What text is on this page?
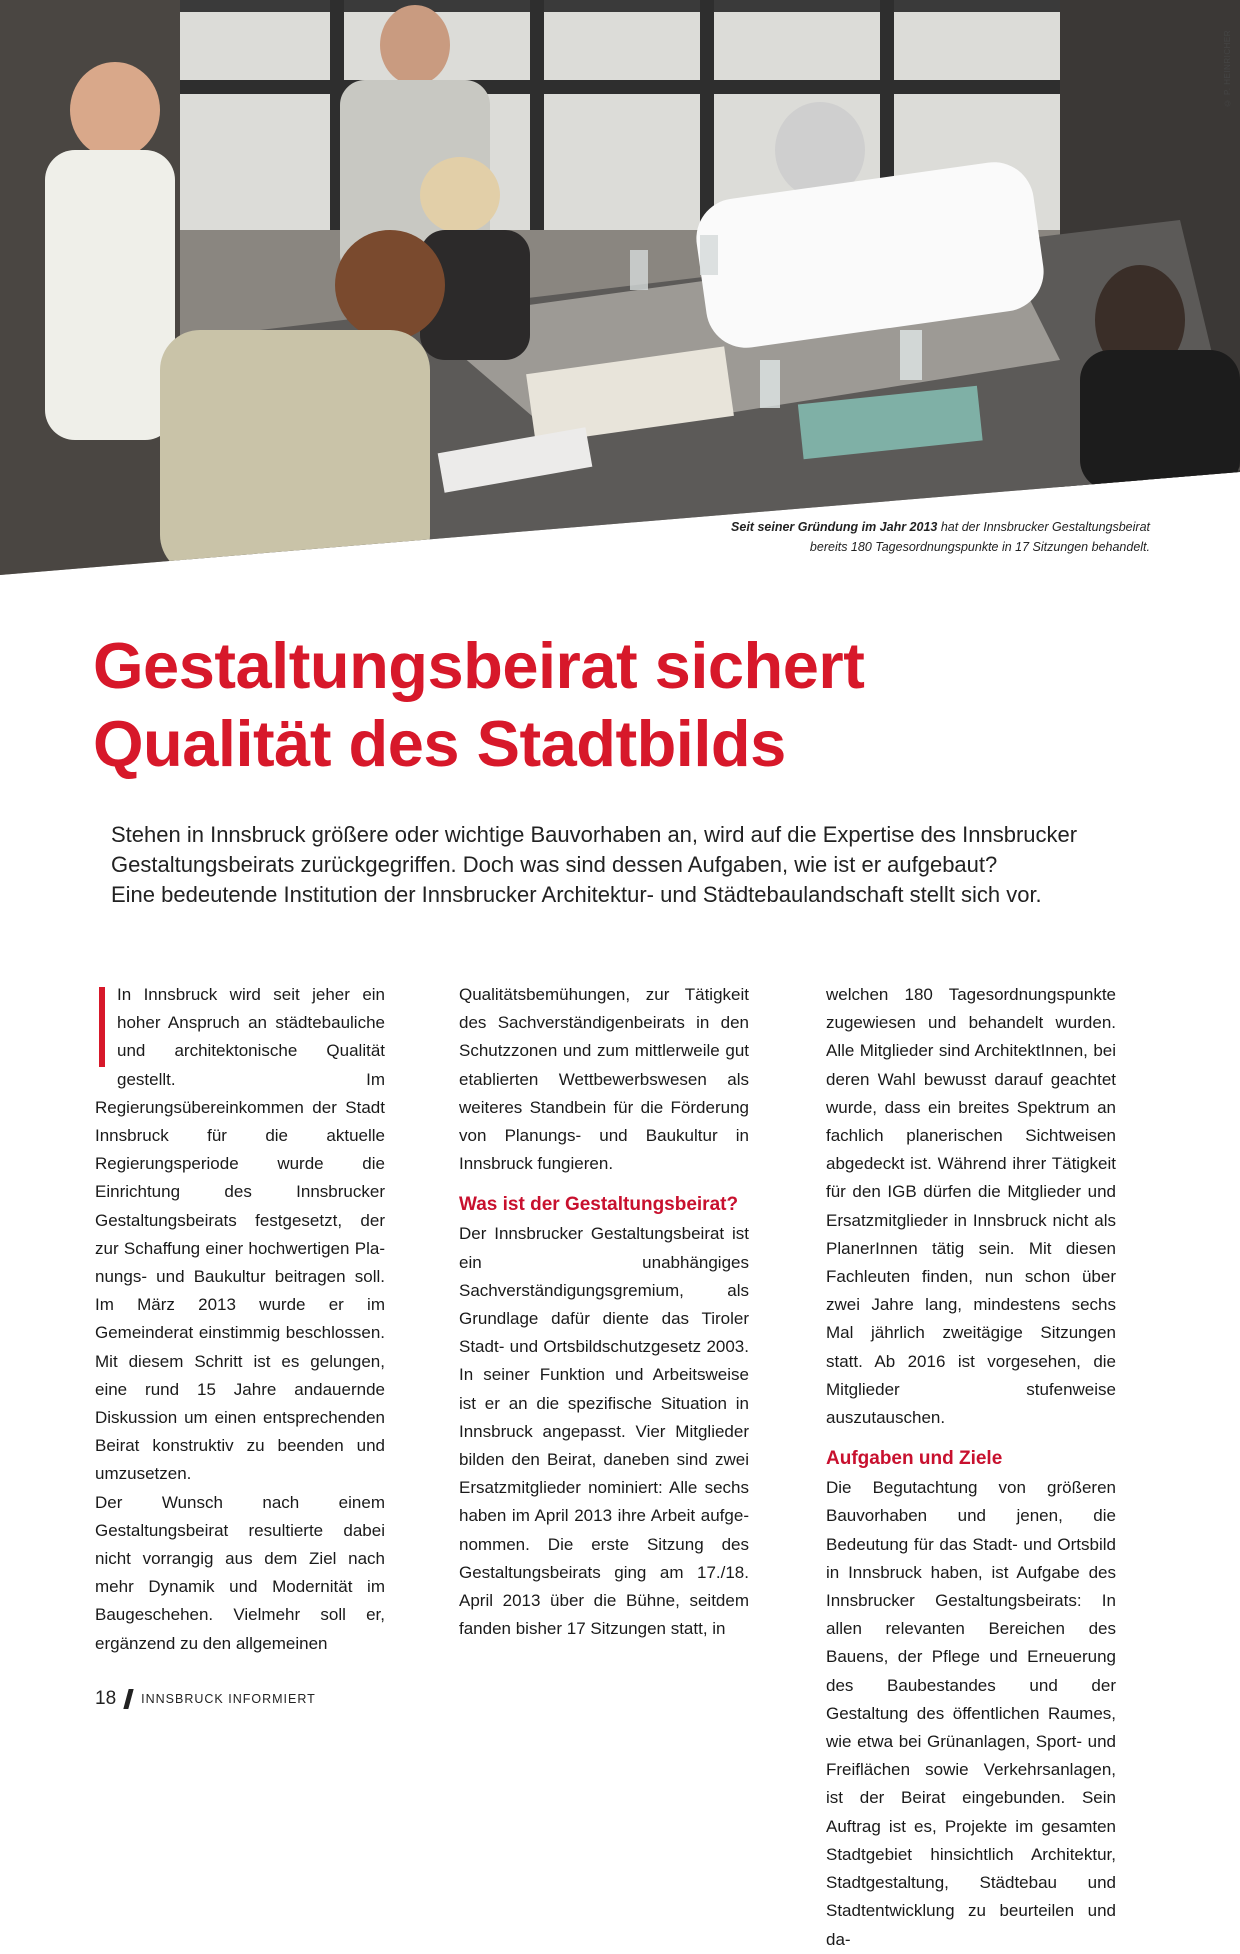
© P. HEINRICHER
Seit seiner Gründung im Jahr 2013 hat der Innsbrucker Gestaltungsbeirat bereits 180 Tagesordnungspunkte in 17 Sitzungen behandelt.
Gestaltungsbeirat sichert
Qualität des Stadtbilds
Stehen in Innsbruck größere oder wichtige Bauvorhaben an, wird auf die Expertise des Innsbrucker
Gestaltungsbeirats zurückgegriffen. Doch was sind dessen Aufgaben, wie ist er aufgebaut?
Eine bedeutende Institution der Innsbrucker Architektur- und Städtebaulandschaft stellt sich vor.

In Innsbruck wird seit jeher ein hoher Anspruch an städtebauliche und architektonische Qualität gestellt. Im Regierungsübereinkommen der Stadt Innsbruck für die aktuelle Regierungsperiode wurde die Einrichtung des Innsbrucker Gestaltungsbeirats festgesetzt, der zur Schaffung einer hochwertigen Planungs- und Baukultur beitragen soll. Im März 2013 wurde er im Gemeinderat einstimmig beschlossen. Mit diesem Schritt ist es gelungen, eine rund 15 Jahre andauernde Diskussion um einen entsprechenden Beirat konstruktiv zu beenden und umzusetzen.

Der Wunsch nach einem Gestaltungsbeirat resultierte dabei nicht vorrangig aus dem Ziel nach mehr Dynamik und Modernität im Baugeschehen. Vielmehr soll er, ergänzend zu den allgemeinen

Qualitätsbemühungen, zur Tätigkeit des Sachverständigenbeirats in den Schutzzonen und zum mittlerweile gut etablierten Wettbewerbswesen als weiteres Standbein für die Förderung von Planungs- und Baukultur in Innsbruck fungieren.

Was ist der Gestaltungsbeirat?

Der Innsbrucker Gestaltungsbeirat ist ein unabhängiges Sachverständigungsgremium, als Grundlage dafür diente das Tiroler Stadt- und Ortsbildschutzgesetz 2003. In seiner Funktion und Arbeitsweise ist er an die spezifische Situation in Innsbruck angepasst. Vier Mitglieder bilden den Beirat, daneben sind zwei Ersatzmitglieder nominiert: Alle sechs haben im April 2013 ihre Arbeit aufgenommen. Die erste Sitzung des Gestaltungsbeirats ging am 17./18. April 2013 über die Bühne, seitdem fanden bisher 17 Sitzungen statt, in

welchen 180 Tagesordnungspunkte zugewiesen und behandelt wurden. Alle Mitglieder sind ArchitektInnen, bei deren Wahl bewusst darauf geachtet wurde, dass ein breites Spektrum an fachlich planerischen Sichtweisen abgedeckt ist. Während ihrer Tätigkeit für den IGB dürfen die Mitglieder und Ersatzmitglieder in Innsbruck nicht als PlanerInnen tätig sein. Mit diesen Fachleuten finden, nun schon über zwei Jahre lang, mindestens sechs Mal jährlich zweitägige Sitzungen statt. Ab 2016 ist vorgesehen, die Mitglieder stufenweise auszutauschen.

Aufgaben und Ziele

Die Begutachtung von größeren Bauvorhaben und jenen, die Bedeutung für das Stadt- und Ortsbild in Innsbruck haben, ist Aufgabe des Innsbrucker Gestaltungsbeirats: In allen relevanten Bereichen des Bauens, der Pflege und Erneuerung des Baubestandes und der Gestaltung des öffentlichen Raumes, wie etwa bei Grünanlagen, Sport- und Freiflächen sowie Verkehrsanlagen, ist der Beirat eingebunden. Sein Auftrag ist es, Projekte im gesamten Stadtgebiet hinsichtlich Architektur, Stadtgestaltung, Städtebau und Stadtentwicklung zu beurteilen und da-

18 INNSBRUCK INFORMIERT
